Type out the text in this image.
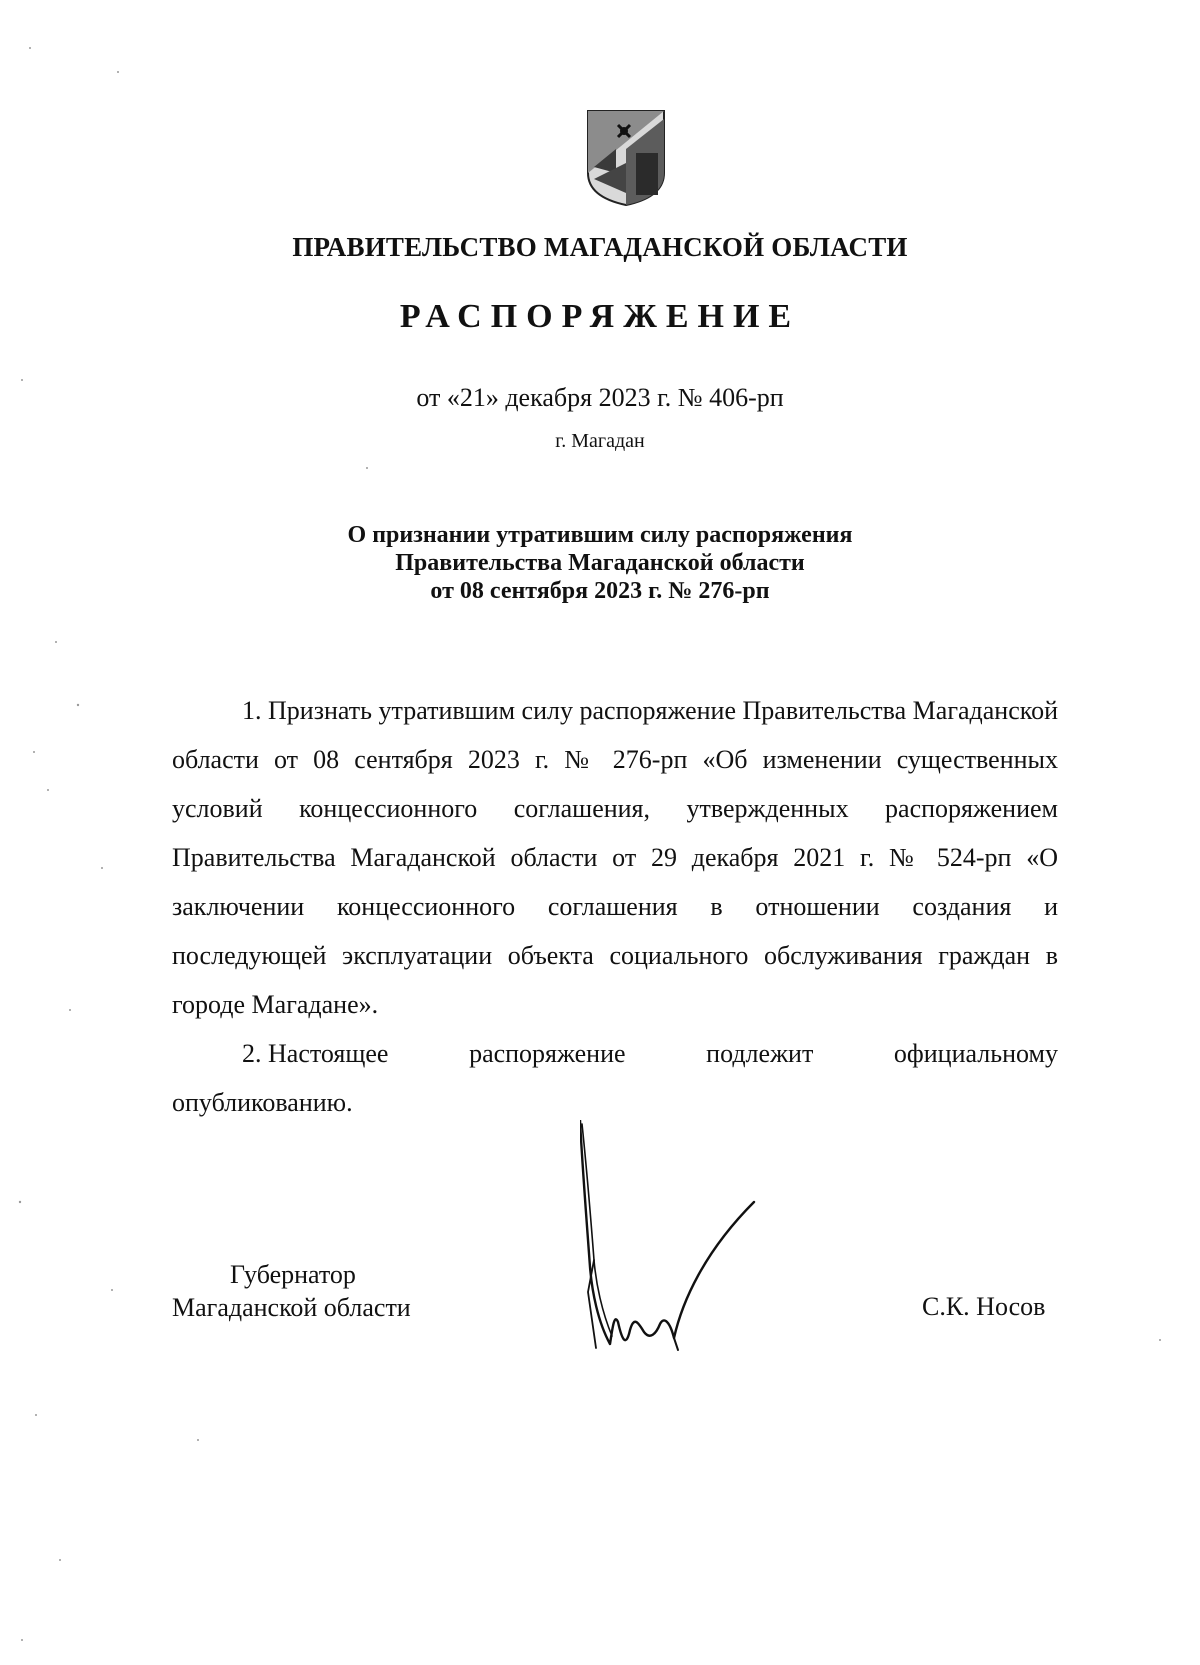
ПРАВИТЕЛЬСТВО МАГАДАНСКОЙ ОБЛАСТИ
РАСПОРЯЖЕНИЕ
от «21» декабря 2023 г. № 406-рп
г. Магадан
О признании утратившим силу распоряжения
Правительства Магаданской области
от 08 сентября 2023 г. № 276-рп

1. Признать утратившим силу распоряжение Правительства Магаданской области от 08 сентября 2023 г. № 276-рп «Об изменении существенных условий концессионного соглашения, утвержденных распоряжением Правительства Магаданской области от 29 декабря 2021 г. № 524-рп «О заключении концессионного соглашения в отношении создания и последующей эксплуатации объекта социального обслуживания граждан в городе Магадане».

2. Настоящее	распоряжение	подлежит	официальному
опубликованию.
Губернатор
Магаданской области	С.К. Носов
